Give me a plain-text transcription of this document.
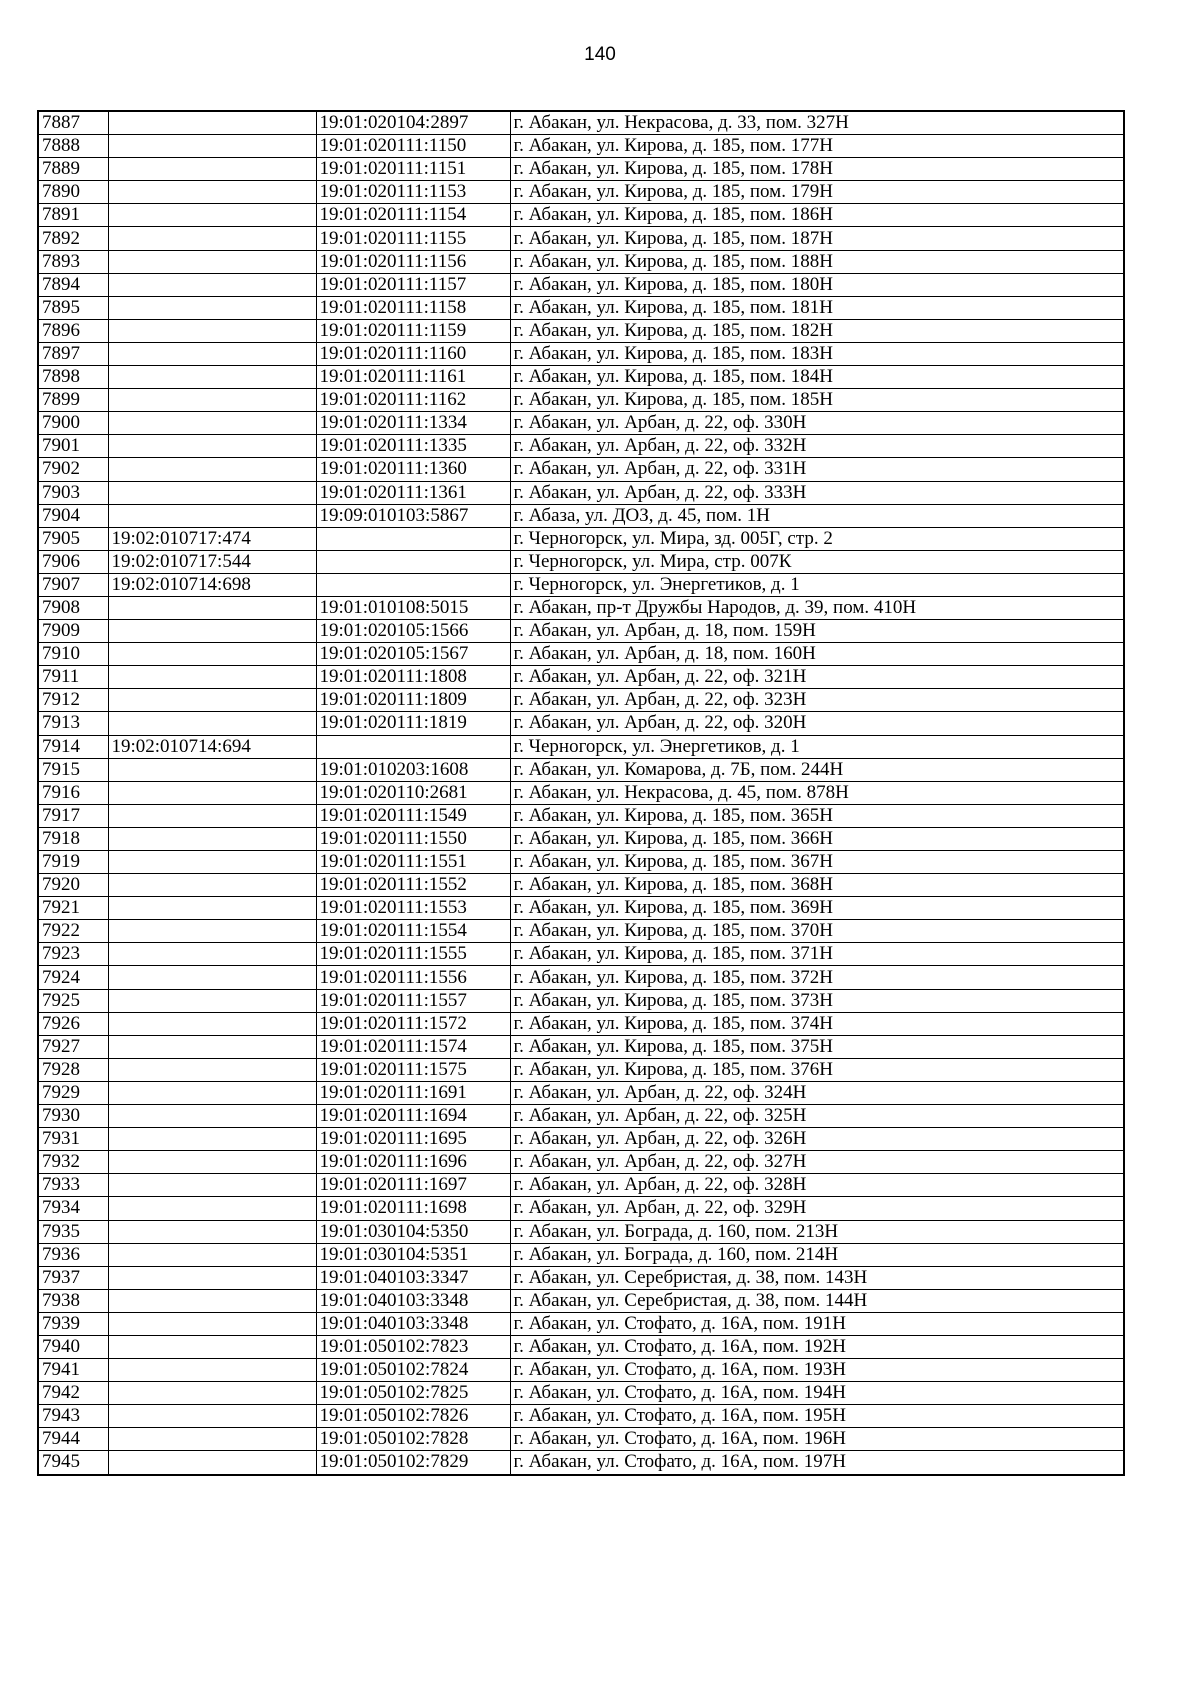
140
7887		19:01:020104:2897	г. Абакан, ул. Некрасова, д. 33, пом. 327Н
7888		19:01:020111:1150	г. Абакан, ул. Кирова, д. 185, пом. 177Н
7889		19:01:020111:1151	г. Абакан, ул. Кирова, д. 185, пом. 178Н
7890		19:01:020111:1153	г. Абакан, ул. Кирова, д. 185, пом. 179Н
7891		19:01:020111:1154	г. Абакан, ул. Кирова, д. 185, пом. 186Н
7892		19:01:020111:1155	г. Абакан, ул. Кирова, д. 185, пом. 187Н
7893		19:01:020111:1156	г. Абакан, ул. Кирова, д. 185, пом. 188Н
7894		19:01:020111:1157	г. Абакан, ул. Кирова, д. 185, пом. 180Н
7895		19:01:020111:1158	г. Абакан, ул. Кирова, д. 185, пом. 181Н
7896		19:01:020111:1159	г. Абакан, ул. Кирова, д. 185, пом. 182Н
7897		19:01:020111:1160	г. Абакан, ул. Кирова, д. 185, пом. 183Н
7898		19:01:020111:1161	г. Абакан, ул. Кирова, д. 185, пом. 184Н
7899		19:01:020111:1162	г. Абакан, ул. Кирова, д. 185, пом. 185Н
7900		19:01:020111:1334	г. Абакан, ул. Арбан, д. 22, оф. 330Н
7901		19:01:020111:1335	г. Абакан, ул. Арбан, д. 22, оф. 332Н
7902		19:01:020111:1360	г. Абакан, ул. Арбан, д. 22, оф. 331Н
7903		19:01:020111:1361	г. Абакан, ул. Арбан, д. 22, оф. 333Н
7904		19:09:010103:5867	г. Абаза, ул. ДОЗ, д. 45, пом. 1Н
7905	19:02:010717:474		г. Черногорск, ул. Мира, зд. 005Г, стр. 2
7906	19:02:010717:544		г. Черногорск, ул. Мира, стр. 007К
7907	19:02:010714:698		г. Черногорск, ул. Энергетиков, д. 1
7908		19:01:010108:5015	г. Абакан, пр-т Дружбы Народов, д. 39, пом. 410Н
7909		19:01:020105:1566	г. Абакан, ул. Арбан, д. 18, пом. 159Н
7910		19:01:020105:1567	г. Абакан, ул. Арбан, д. 18, пом. 160Н
7911		19:01:020111:1808	г. Абакан, ул. Арбан, д. 22, оф. 321Н
7912		19:01:020111:1809	г. Абакан, ул. Арбан, д. 22, оф. 323Н
7913		19:01:020111:1819	г. Абакан, ул. Арбан, д. 22, оф. 320Н
7914	19:02:010714:694		г. Черногорск, ул. Энергетиков, д. 1
7915		19:01:010203:1608	г. Абакан, ул. Комарова, д. 7Б, пом. 244Н
7916		19:01:020110:2681	г. Абакан, ул. Некрасова, д. 45, пом. 878Н
7917		19:01:020111:1549	г. Абакан, ул. Кирова, д. 185, пом. 365Н
7918		19:01:020111:1550	г. Абакан, ул. Кирова, д. 185, пом. 366Н
7919		19:01:020111:1551	г. Абакан, ул. Кирова, д. 185, пом. 367Н
7920		19:01:020111:1552	г. Абакан, ул. Кирова, д. 185, пом. 368Н
7921		19:01:020111:1553	г. Абакан, ул. Кирова, д. 185, пом. 369Н
7922		19:01:020111:1554	г. Абакан, ул. Кирова, д. 185, пом. 370Н
7923		19:01:020111:1555	г. Абакан, ул. Кирова, д. 185, пом. 371Н
7924		19:01:020111:1556	г. Абакан, ул. Кирова, д. 185, пом. 372Н
7925		19:01:020111:1557	г. Абакан, ул. Кирова, д. 185, пом. 373Н
7926		19:01:020111:1572	г. Абакан, ул. Кирова, д. 185, пом. 374Н
7927		19:01:020111:1574	г. Абакан, ул. Кирова, д. 185, пом. 375Н
7928		19:01:020111:1575	г. Абакан, ул. Кирова, д. 185, пом. 376Н
7929		19:01:020111:1691	г. Абакан, ул. Арбан, д. 22, оф. 324Н
7930		19:01:020111:1694	г. Абакан, ул. Арбан, д. 22, оф. 325Н
7931		19:01:020111:1695	г. Абакан, ул. Арбан, д. 22, оф. 326Н
7932		19:01:020111:1696	г. Абакан, ул. Арбан, д. 22, оф. 327Н
7933		19:01:020111:1697	г. Абакан, ул. Арбан, д. 22, оф. 328Н
7934		19:01:020111:1698	г. Абакан, ул. Арбан, д. 22, оф. 329Н
7935		19:01:030104:5350	г. Абакан, ул. Бограда, д. 160, пом. 213Н
7936		19:01:030104:5351	г. Абакан, ул. Бограда, д. 160, пом. 214Н
7937		19:01:040103:3347	г. Абакан, ул. Серебристая, д. 38, пом. 143Н
7938		19:01:040103:3348	г. Абакан, ул. Серебристая, д. 38, пом. 144Н
7939		19:01:040103:3348	г. Абакан, ул. Стофато, д. 16А, пом. 191Н
7940		19:01:050102:7823	г. Абакан, ул. Стофато, д. 16А, пом. 192Н
7941		19:01:050102:7824	г. Абакан, ул. Стофато, д. 16А, пом. 193Н
7942		19:01:050102:7825	г. Абакан, ул. Стофато, д. 16А, пом. 194Н
7943		19:01:050102:7826	г. Абакан, ул. Стофато, д. 16А, пом. 195Н
7944		19:01:050102:7828	г. Абакан, ул. Стофато, д. 16А, пом. 196Н
7945		19:01:050102:7829	г. Абакан, ул. Стофато, д. 16А, пом. 197Н
